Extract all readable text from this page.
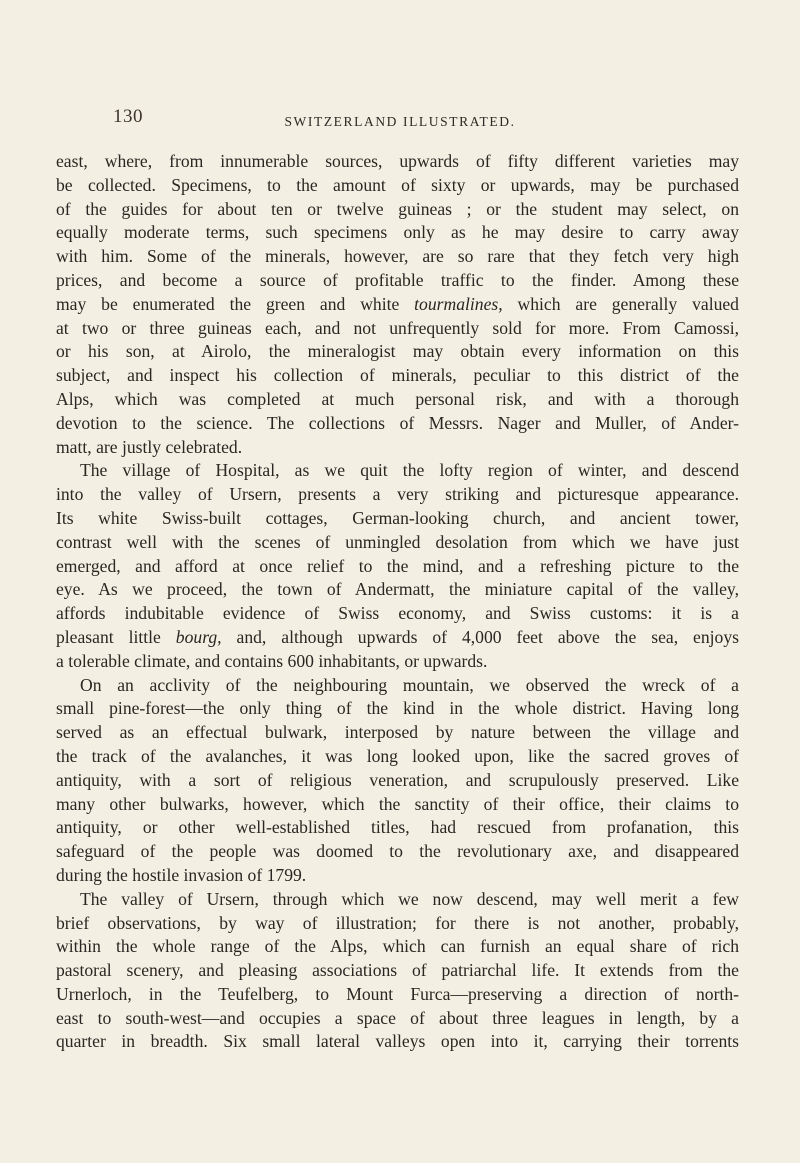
130	SWITZERLAND ILLUSTRATED.
east, where, from innumerable sources, upwards of fifty different varieties may
be collected. Specimens, to the amount of sixty or upwards, may be purchased
of the guides for about ten or twelve guineas ; or the student may select, on
equally moderate terms, such specimens only as he may desire to carry away
with him. Some of the minerals, however, are so rare that they fetch very high
prices, and become a source of profitable traffic to the finder. Among these
may be enumerated the green and white tourmalines, which are generally valued
at two or three guineas each, and not unfrequently sold for more. From Camossi,
or his son, at Airolo, the mineralogist may obtain every information on this
subject, and inspect his collection of minerals, peculiar to this district of the
Alps, which was completed at much personal risk, and with a thorough
devotion to the science. The collections of Messrs. Nager and Muller, of Ander-
matt, are justly celebrated.
The village of Hospital, as we quit the lofty region of winter, and descend
into the valley of Ursern, presents a very striking and picturesque appearance.
Its white Swiss-built cottages, German-looking church, and ancient tower,
contrast well with the scenes of unmingled desolation from which we have just
emerged, and afford at once relief to the mind, and a refreshing picture to the
eye. As we proceed, the town of Andermatt, the miniature capital of the valley,
affords indubitable evidence of Swiss economy, and Swiss customs: it is a
pleasant little bourg, and, although upwards of 4,000 feet above the sea, enjoys
a tolerable climate, and contains 600 inhabitants, or upwards.
On an acclivity of the neighbouring mountain, we observed the wreck of a
small pine-forest—the only thing of the kind in the whole district. Having long
served as an effectual bulwark, interposed by nature between the village and
the track of the avalanches, it was long looked upon, like the sacred groves of
antiquity, with a sort of religious veneration, and scrupulously preserved. Like
many other bulwarks, however, which the sanctity of their office, their claims to
antiquity, or other well-established titles, had rescued from profanation, this
safeguard of the people was doomed to the revolutionary axe, and disappeared
during the hostile invasion of 1799.
The valley of Ursern, through which we now descend, may well merit a few
brief observations, by way of illustration; for there is not another, probably,
within the whole range of the Alps, which can furnish an equal share of rich
pastoral scenery, and pleasing associations of patriarchal life. It extends from the
Urnerloch, in the Teufelberg, to Mount Furca—preserving a direction of north-
east to south-west—and occupies a space of about three leagues in length, by a
quarter in breadth. Six small lateral valleys open into it, carrying their torrents
